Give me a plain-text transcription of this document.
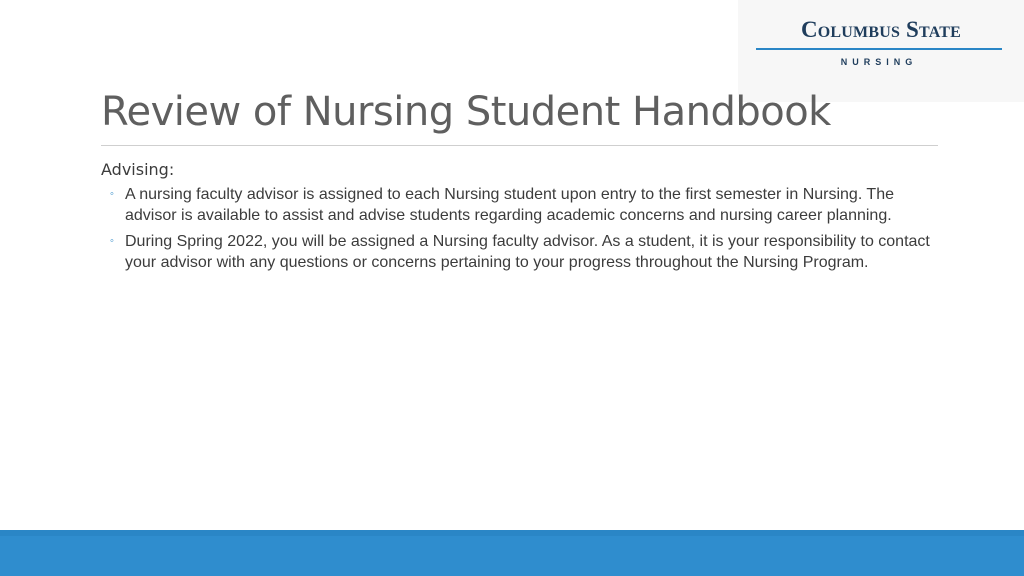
Columbus State
NURSING
Review of Nursing Student Handbook

Advising:

◦ A nursing faculty advisor is assigned to each Nursing student upon entry to the first semester in Nursing. The advisor is available to assist and advise students regarding academic concerns and nursing career planning.
◦ During Spring 2022, you will be assigned a Nursing faculty advisor. As a student, it is your responsibility to contact your advisor with any questions or concerns pertaining to your progress throughout the Nursing Program.
